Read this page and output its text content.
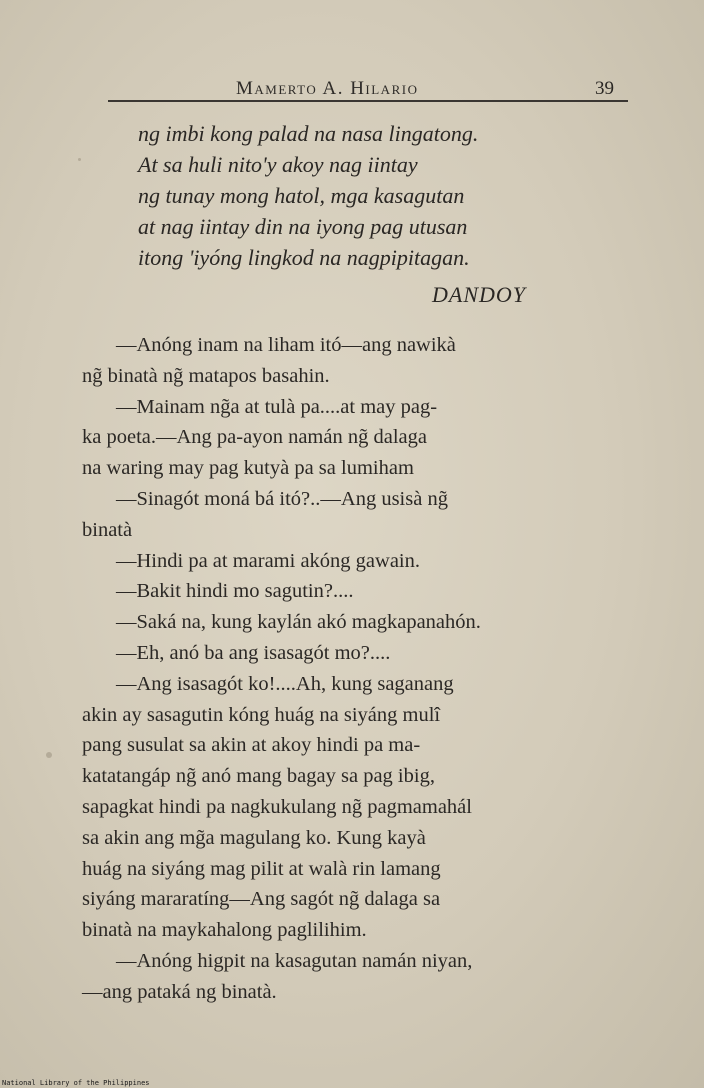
Mamerto A. Hilario	39
ng imbi kong palad na nasa lingatong.
At sa huli nito'y akoy nag iintay
ng tunay mong hatol, mga kasagutan
at nag iintay din na iyong pag utusan
itong 'iyóng lingkod na nagpipitagan.
DANDOY
—Anóng inam na liham itó—ang nawikà
ng̃ binatà ng̃ matapos basahin.
—Mainam ng̃a at tulà pa....at may pag-
ka poeta.—Ang pa-ayon namán ng̃ dalaga
na waring may pag kutyà pa sa lumiham
—Sinagót moná bá itó?..—Ang usisà ng̃
binatà
—Hindi pa at marami akóng gawain.
—Bakit hindi mo sagutin?....
—Saká na, kung kaylán akó magkapanahón.
—Eh, anó ba ang isasagót mo?....
—Ang isasagót ko!....Ah, kung saganang
akin ay sasagutin kóng huág na siyáng mulî
pang susulat sa akin at akoy hindi pa ma-
katatangáp ng̃ anó mang bagay sa pag ibig,
sapagkat hindi pa nagkukulang ng̃ pagmamahál
sa akin ang mg̃a magulang ko. Kung kayà
huág na siyáng mag pilit at walà rin lamang
siyáng mararatíng—Ang sagót ng̃ dalaga sa
binatà na maykahalong paglilihim.
—Anóng higpit na kasagutan namán niyan,
—ang pataká ng binatà.
National Library of the Philippines
